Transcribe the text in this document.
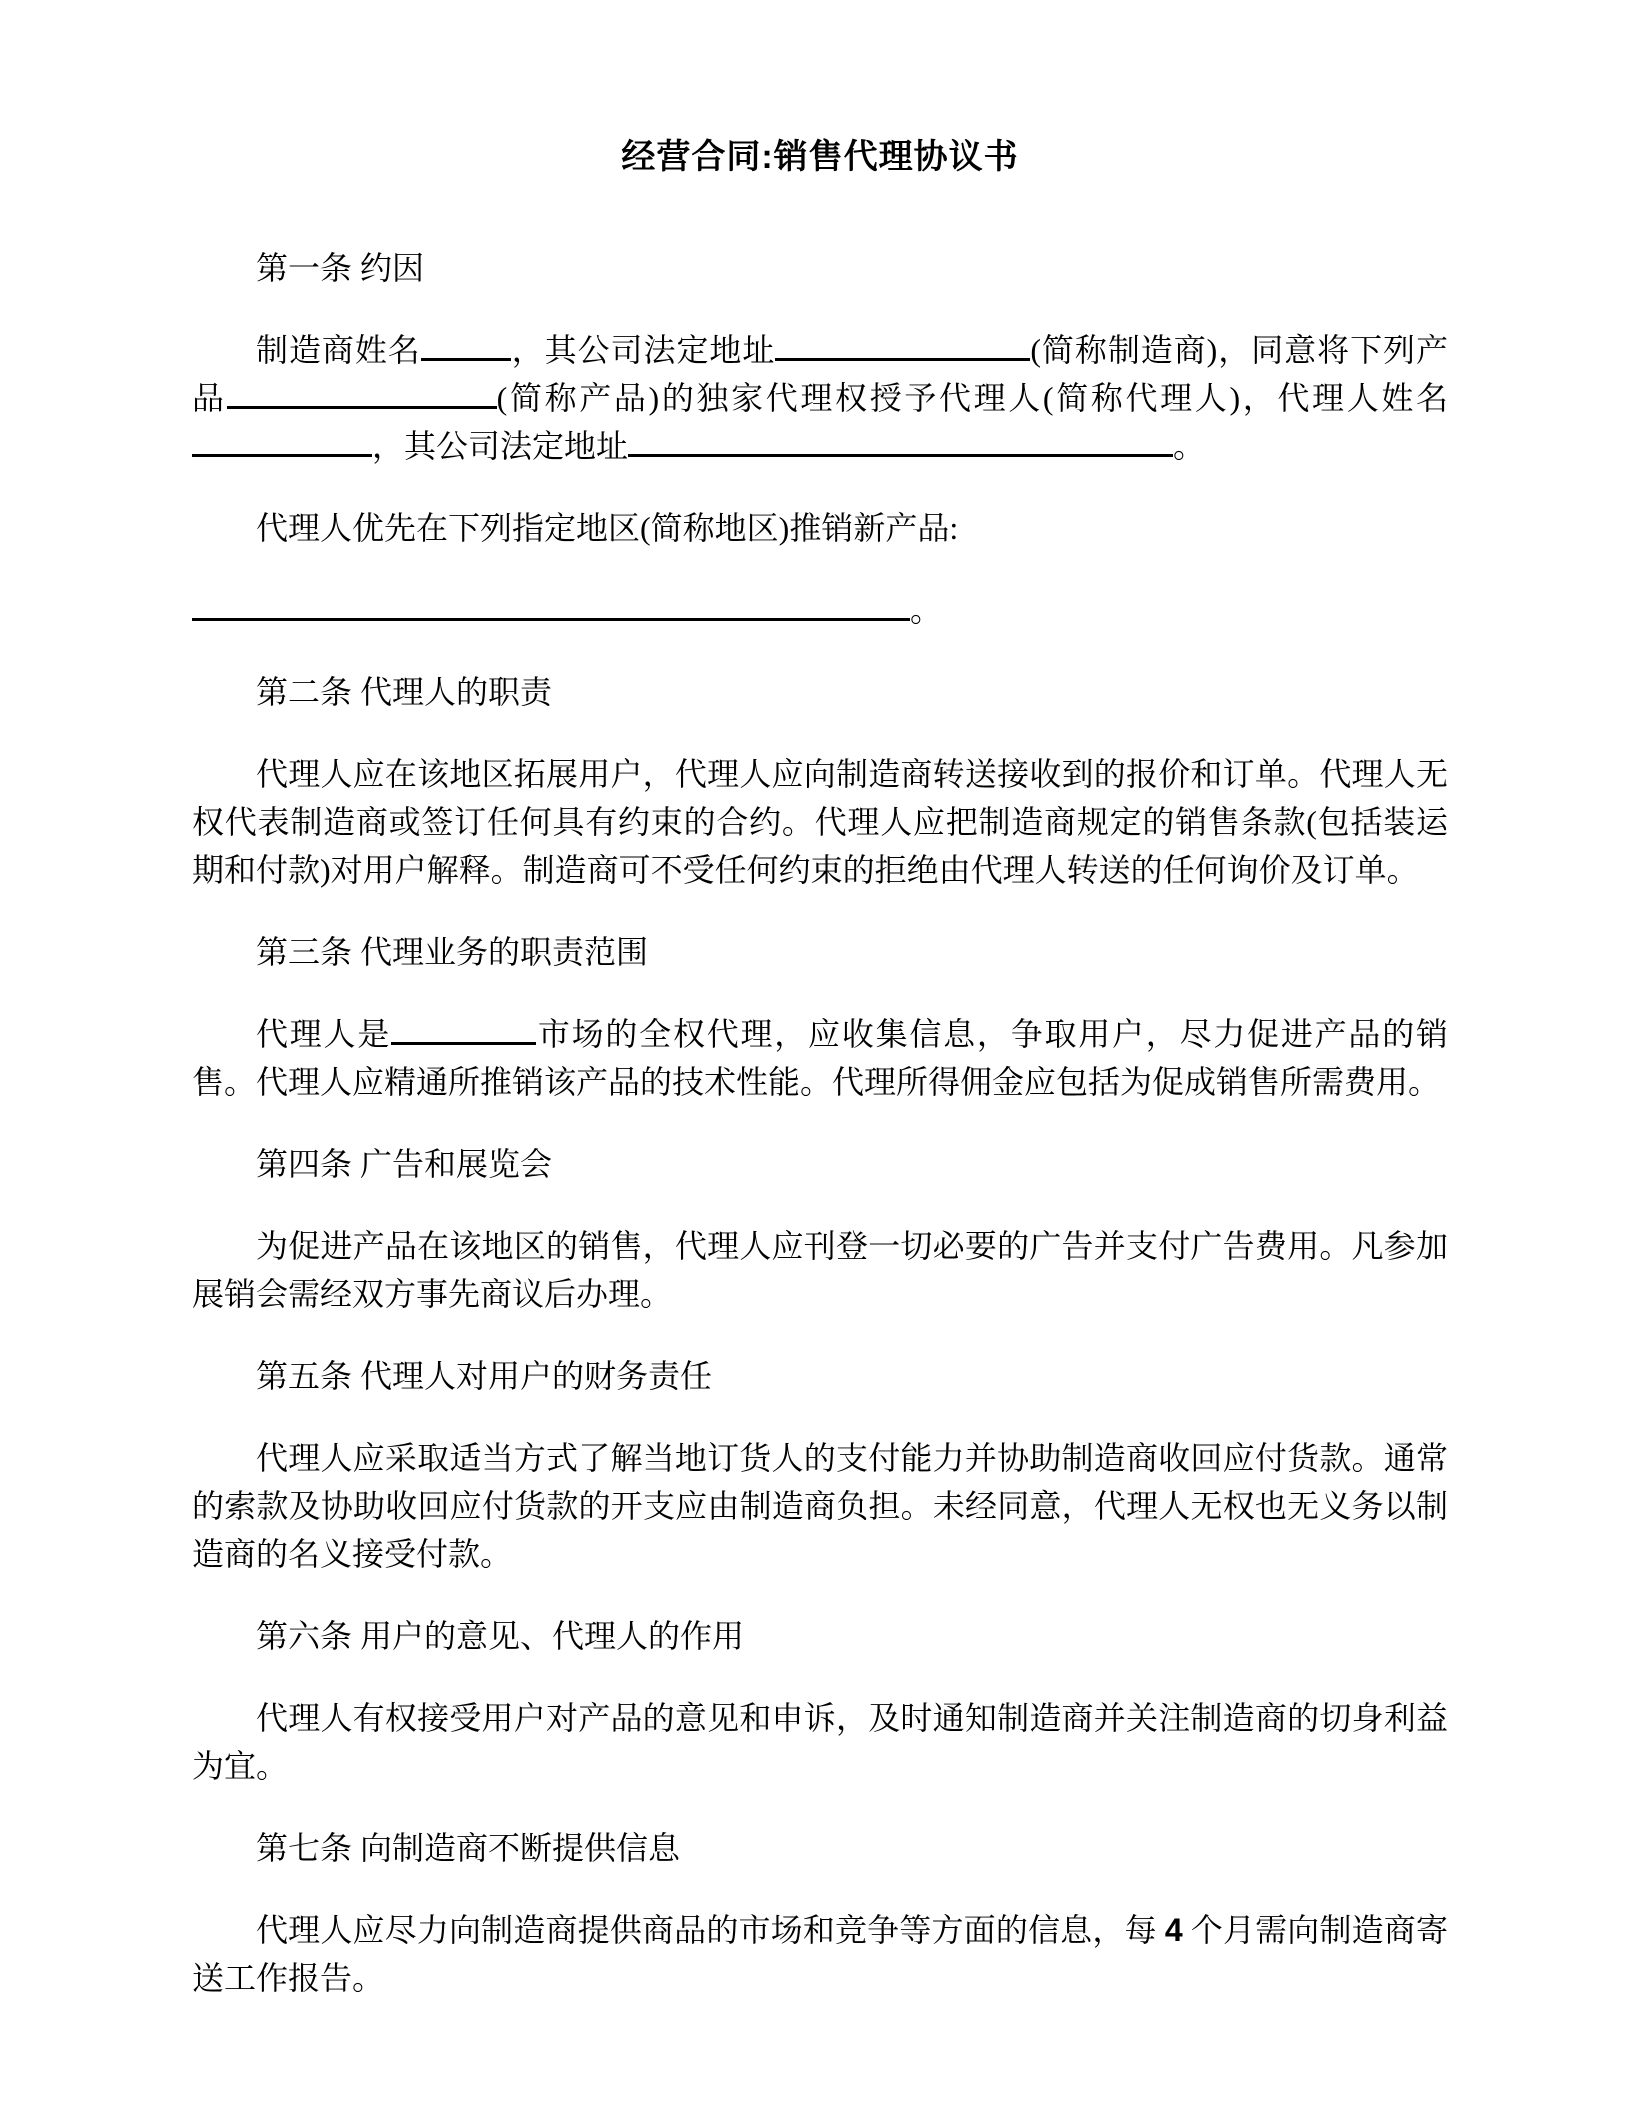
经营合同:销售代理协议书

第一条 约因

制造商姓名	，其公司法定地址	(简称制造商)，同意将下列产品	(简称产品)的独家代理权授予代理人(简称代理人)，代理人姓名，其公司法定地址	。

代理人优先在下列指定地区(简称地区)推销新产品:

。

第二条 代理人的职责

代理人应在该地区拓展用户，代理人应向制造商转送接收到的报价和订单。代理人无权代表制造商或签订任何具有约束的合约。代理人应把制造商规定的销售条款(包括装运期和付款)对用户解释。制造商可不受任何约束的拒绝由代理人转送的任何询价及订单。

第三条 代理业务的职责范围

代理人是	市场的全权代理，应收集信息，争取用户，尽力促进产品的销售。代理人应精通所推销该产品的技术性能。代理所得佣金应包括为促成销售所需费用。

第四条 广告和展览会

为促进产品在该地区的销售，代理人应刊登一切必要的广告并支付广告费用。凡参加展销会需经双方事先商议后办理。

第五条 代理人对用户的财务责任

代理人应采取适当方式了解当地订货人的支付能力并协助制造商收回应付货款。通常的索款及协助收回应付货款的开支应由制造商负担。未经同意，代理人无权也无义务以制造商的名义接受付款。

第六条 用户的意见、代理人的作用

代理人有权接受用户对产品的意见和申诉，及时通知制造商并关注制造商的切身利益为宜。

第七条 向制造商不断提供信息

代理人应尽力向制造商提供商品的市场和竞争等方面的信息，每 4 个月需向制造商寄送工作报告。
